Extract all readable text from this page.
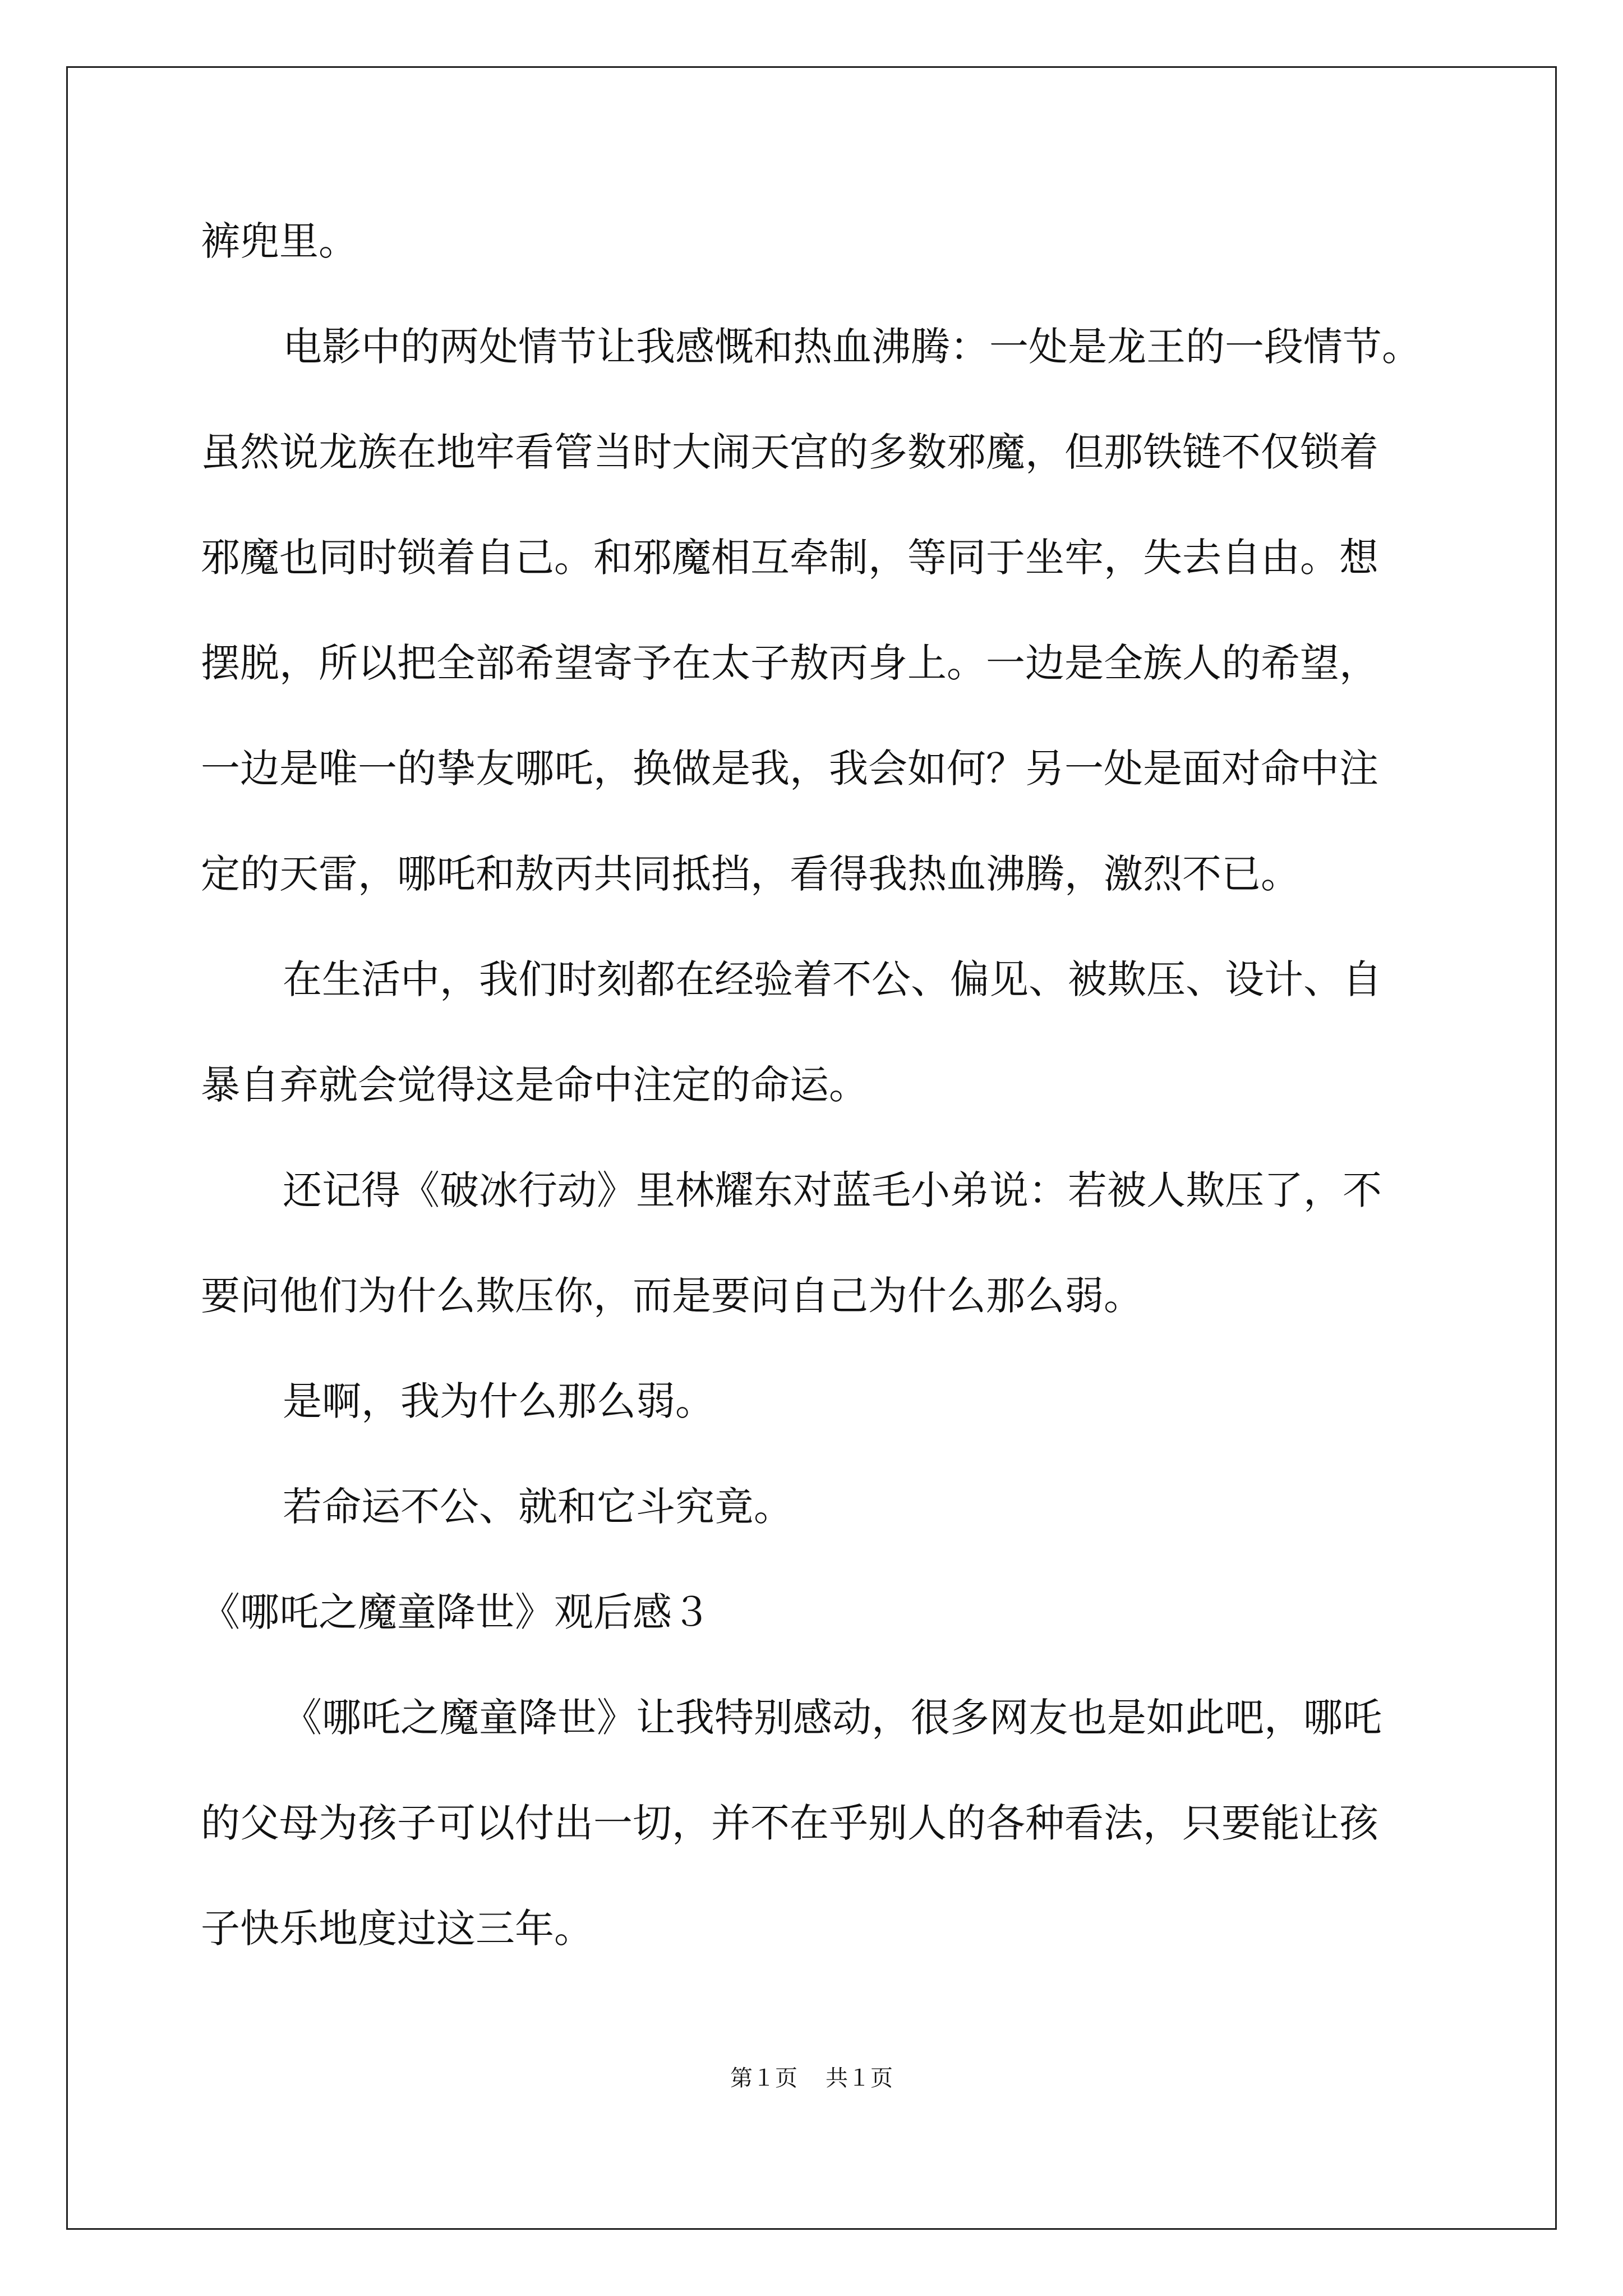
裤兜里。
电影中的两处情节让我感慨和热血沸腾：一处是龙王的一段情节。
虽然说龙族在地牢看管当时大闹天宫的多数邪魔，但那铁链不仅锁着
邪魔也同时锁着自己。和邪魔相互牵制，等同于坐牢，失去自由。想
摆脱，所以把全部希望寄予在太子敖丙身上。一边是全族人的希望，
一边是唯一的挚友哪吒，换做是我，我会如何？另一处是面对命中注
定的天雷，哪吒和敖丙共同抵挡，看得我热血沸腾，激烈不已。
在生活中，我们时刻都在经验着不公、偏见、被欺压、设计、自
暴自弃就会觉得这是命中注定的命运。
还记得《破冰行动》里林耀东对蓝毛小弟说：若被人欺压了，不
要问他们为什么欺压你，而是要问自己为什么那么弱。
是啊，我为什么那么弱。
若命运不公、就和它斗究竟。
《哪吒之魔童降世》观后感３
《哪吒之魔童降世》让我特别感动，很多网友也是如此吧，哪吒
的父母为孩子可以付出一切，并不在乎别人的各种看法，只要能让孩
子快乐地度过这三年。
第１页 共１页
